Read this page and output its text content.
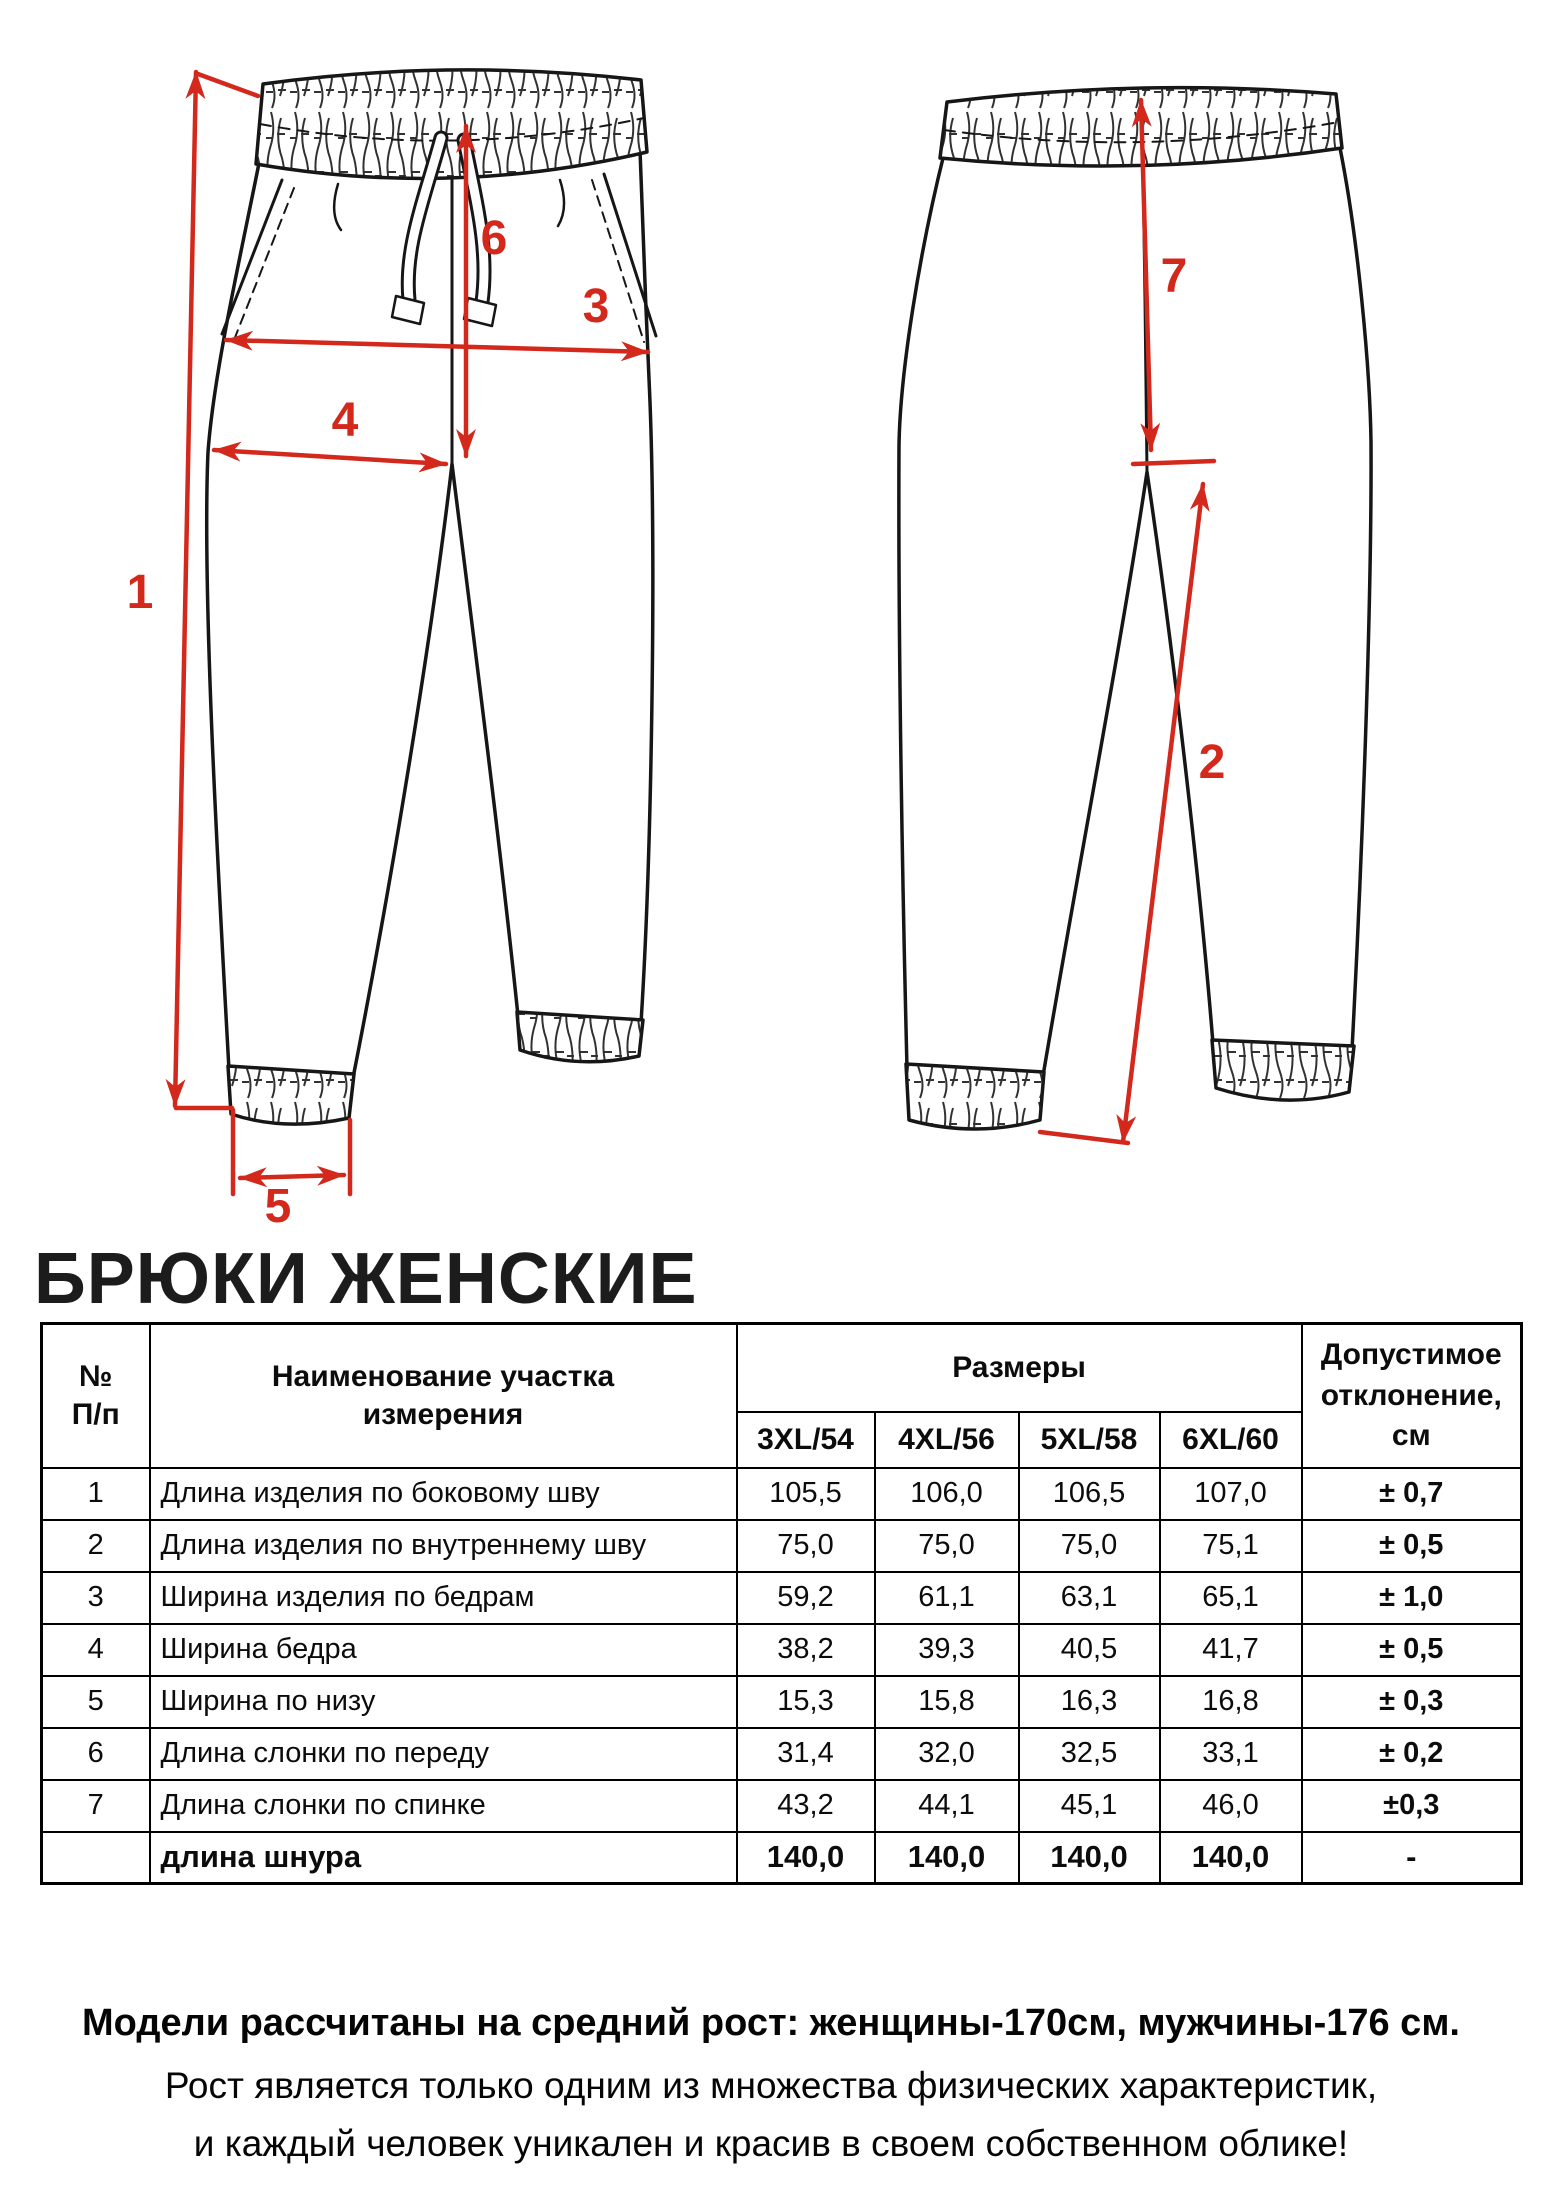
1
6
3
4
5
7
2
БРЮКИ ЖЕНСКИЕ
№
П/п

Наименование участка
измерения
	Размеры	Допустимое
отклонение,
см

		3XL/54	4XL/56	5XL/58	6XL/60	
1	Длина изделия по боковому шву	105,5	106,0	106,5	107,0	± 0,7
2	Длина изделия по внутреннему шву	75,0	75,0	75,0	75,1	± 0,5
3	Ширина изделия по бедрам	59,2	61,1	63,1	65,1	± 1,0
4	Ширина бедра	38,2	39,3	40,5	41,7	± 0,5
5	Ширина по низу	15,3	15,8	16,3	16,8	± 0,3
6	Длина слонки по переду	31,4	32,0	32,5	33,1	± 0,2
7	Длина слонки по спинке	43,2	44,1	45,1	46,0	±0,3
	длина шнура	140,0	140,0	140,0	140,0	-

Модели рассчитаны на средний рост: женщины-170см, мужчины-176 см.

Рост является только одним из множества физических характеристик,

и каждый человек уникален и красив в своем собственном облике!
